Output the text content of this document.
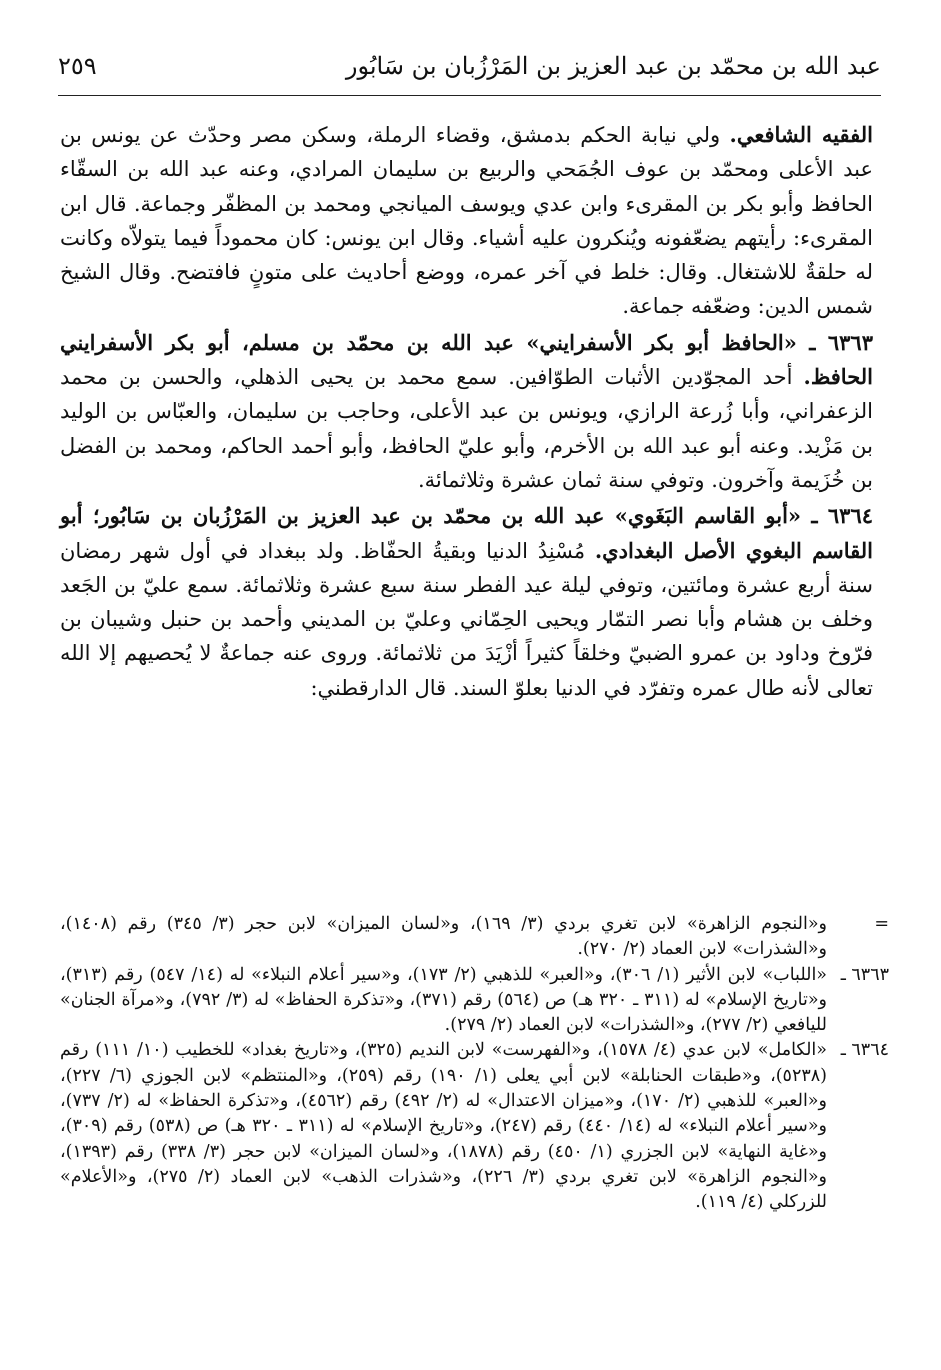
عبد الله بن محمّد بن عبد العزيز بن المَرْزُبان بن سَابُور
٢٥٩

الفقيه الشافعي. ولي نيابة الحكم بدمشق، وقضاء الرملة، وسكن مصر وحدّث عن يونس بن عبد الأعلى ومحمّد بن عوف الجُمَحي والربيع بن سليمان المرادي، وعنه عبد الله بن السقّاء الحافظ وأبو بكر بن المقرىء وابن عدي ويوسف الميانجي ومحمد بن المظفّر وجماعة. قال ابن المقرىء: رأيتهم يضعّفونه ويُنكرون عليه أشياء. وقال ابن يونس: كان محموداً فيما يتولاّه وكانت له حلقةٌ للاشتغال. وقال: خلط في آخر عمره، ووضع أحاديث على متونٍ فافتضح. وقال الشيخ شمس الدين: وضعّفه جماعة.

٦٣٦٣ ـ «الحافظ أبو بكر الأسفرايني» عبد الله بن محمّد بن مسلم، أبو بكر الأسفرايني الحافظ. أحد المجوّدين الأثبات الطوّافين. سمع محمد بن يحيى الذهلي، والحسن بن محمد الزعفراني، وأبا زُرعة الرازي، ويونس بن عبد الأعلى، وحاجب بن سليمان، والعبّاس بن الوليد بن مَزْيد. وعنه أبو عبد الله بن الأخرم، وأبو عليّ الحافظ، وأبو أحمد الحاكم، ومحمد بن الفضل بن خُزَيمة وآخرون. وتوفي سنة ثمان عشرة وثلاثمائة.

٦٣٦٤ ـ «أبو القاسم البَغَوي» عبد الله بن محمّد بن عبد العزيز بن المَرْزُبان بن سَابُور؛ أبو القاسم البغوي الأصل البغدادي. مُسْنِدُ الدنيا وبقيةُ الحفّاظ. ولد ببغداد في أول شهر رمضان سنة أربع عشرة ومائتين، وتوفي ليلة عيد الفطر سنة سبع عشرة وثلاثمائة. سمع عليّ بن الجَعد وخلف بن هشام وأبا نصر التمّار ويحيى الحِمّاني وعليّ بن المديني وأحمد بن حنبل وشيبان بن فرّوخ وداود بن عمرو الضبيّ وخلقاً كثيراً أزْيَدَ من ثلاثمائة. وروى عنه جماعةٌ لا يُحصيهم إلا الله تعالى لأنه طال عمره وتفرّد في الدنيا بعلوّ السند. قال الدارقطني:

=
و«النجوم الزاهرة» لابن تغري بردي (٣/ ١٦٩)، و«لسان الميزان» لابن حجر (٣/ ٣٤٥) رقم (١٤٠٨)، و«الشذرات» لابن العماد (٢/ ٢٧٠).
٦٣٦٣ ـ
«اللباب» لابن الأثير (١/ ٣٠٦)، و«العبر» للذهبي (٢/ ١٧٣)، و«سير أعلام النبلاء» له (١٤/ ٥٤٧) رقم (٣١٣)، و«تاريخ الإسلام» له (٣١١ ـ ٣٢٠ هـ) ص (٥٦٤) رقم (٣٧١)، و«تذكرة الحفاظ» له (٣/ ٧٩٢)، و«مرآة الجنان» لليافعي (٢/ ٢٧٧)، و«الشذرات» لابن العماد (٢/ ٢٧٩).
٦٣٦٤ ـ
«الكامل» لابن عدي (٤/ ١٥٧٨)، و«الفهرست» لابن النديم (٣٢٥)، و«تاريخ بغداد» للخطيب (١٠/ ١١١) رقم (٥٢٣٨)، و«طبقات الحنابلة» لابن أبي يعلى (١/ ١٩٠) رقم (٢٥٩)، و«المنتظم» لابن الجوزي (٦/ ٢٢٧)، و«العبر» للذهبي (٢/ ١٧٠)، و«ميزان الاعتدال» له (٢/ ٤٩٢) رقم (٤٥٦٢)، و«تذكرة الحفاظ» له (٢/ ٧٣٧)، و«سير أعلام النبلاء» له (١٤/ ٤٤٠) رقم (٢٤٧)، و«تاريخ الإسلام» له (٣١١ ـ ٣٢٠ هـ) ص (٥٣٨) رقم (٣٠٩)، و«غاية النهاية» لابن الجزري (١/ ٤٥٠) رقم (١٨٧٨)، و«لسان الميزان» لابن حجر (٣/ ٣٣٨) رقم (١٣٩٣)، و«النجوم الزاهرة» لابن تغري بردي (٣/ ٢٢٦)، و«شذرات الذهب» لابن العماد (٢/ ٢٧٥)، و«الأعلام» للزركلي (٤/ ١١٩).
